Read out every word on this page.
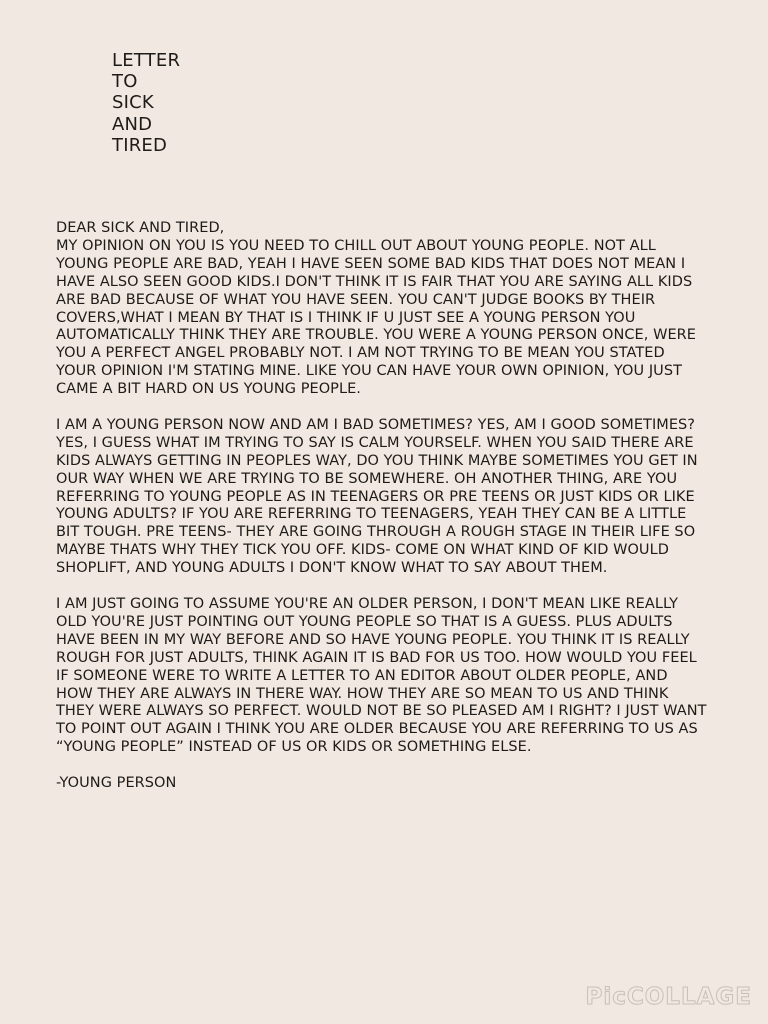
LETTER
TO
SICK
AND
TIRED
DEAR SICK AND TIRED,

MY OPINION ON YOU IS YOU NEED TO CHILL OUT ABOUT YOUNG PEOPLE. NOT ALL YOUNG PEOPLE ARE BAD, YEAH I HAVE SEEN SOME BAD KIDS THAT DOES NOT MEAN I HAVE ALSO SEEN GOOD KIDS.I DON'T THINK IT IS FAIR THAT YOU ARE SAYING ALL KIDS ARE BAD BECAUSE OF WHAT YOU HAVE SEEN. YOU CAN'T JUDGE BOOKS BY THEIR COVERS,WHAT I MEAN BY THAT IS I THINK IF U JUST SEE A YOUNG PERSON YOU AUTOMATICALLY THINK THEY ARE TROUBLE. YOU WERE A YOUNG PERSON ONCE, WERE YOU A PERFECT ANGEL PROBABLY NOT. I AM NOT TRYING TO BE MEAN YOU STATED YOUR OPINION I'M STATING MINE. LIKE YOU CAN HAVE YOUR OWN OPINION, YOU JUST CAME A BIT HARD ON US YOUNG PEOPLE.

I AM A YOUNG PERSON NOW AND AM I BAD SOMETIMES? YES, AM I GOOD SOMETIMES? YES, I GUESS WHAT IM TRYING TO SAY IS CALM YOURSELF. WHEN YOU SAID THERE ARE KIDS ALWAYS GETTING IN PEOPLES WAY, DO YOU THINK MAYBE SOMETIMES YOU GET IN OUR WAY WHEN WE ARE TRYING TO BE SOMEWHERE. OH ANOTHER THING, ARE YOU REFERRING TO YOUNG PEOPLE AS IN TEENAGERS OR PRE TEENS OR JUST KIDS OR LIKE YOUNG ADULTS? IF YOU ARE REFERRING TO TEENAGERS, YEAH THEY CAN BE A LITTLE BIT TOUGH. PRE TEENS- THEY ARE GOING THROUGH A ROUGH STAGE IN THEIR LIFE SO MAYBE THATS WHY THEY TICK YOU OFF. KIDS- COME ON WHAT KIND OF KID WOULD SHOPLIFT, AND YOUNG ADULTS I DON'T KNOW WHAT TO SAY ABOUT THEM.

I AM JUST GOING TO ASSUME YOU'RE AN OLDER PERSON, I DON'T MEAN LIKE REALLY OLD YOU'RE JUST POINTING OUT YOUNG PEOPLE SO THAT IS A GUESS. PLUS ADULTS HAVE BEEN IN MY WAY BEFORE AND SO HAVE YOUNG PEOPLE. YOU THINK IT IS REALLY ROUGH FOR JUST ADULTS, THINK AGAIN IT IS BAD FOR US TOO. HOW WOULD YOU FEEL IF SOMEONE WERE TO WRITE A LETTER TO AN EDITOR ABOUT OLDER PEOPLE, AND HOW THEY ARE ALWAYS IN THERE WAY. HOW THEY ARE SO MEAN TO US AND THINK THEY WERE ALWAYS SO PERFECT. WOULD NOT BE SO PLEASED AM I RIGHT? I JUST WANT TO POINT OUT AGAIN I THINK YOU ARE OLDER BECAUSE YOU ARE REFERRING TO US AS “YOUNG PEOPLE” INSTEAD OF US OR KIDS OR SOMETHING ELSE.

-YOUNG PERSON
PicCOLLAGE
